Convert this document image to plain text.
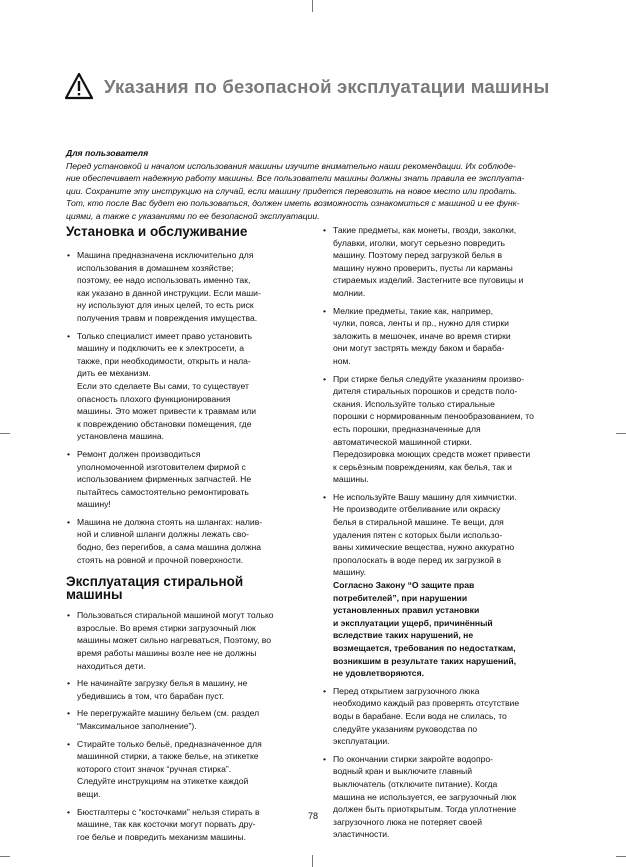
Указания по безопасной эксплуатации машины
Для пользователя
Перед установкой и началом использования машины изучите внимательно наши рекомендации. Их соблюде-
ние обеспечивает надежную работу машины. Все пользователи машины должны знать правила ее эксплуата-
ции. Сохраните эту инструкцию на случай, если машину придется перевозить на новое место или продать.
Тот, кто после Вас будет ею пользоваться, должен иметь возможность ознакомиться с машиной и ее функ-
циями, а также с указаниями по ее безопасной эксплуатации.
Установка и обслуживание
• Машина предназначена исключительно для
использования в домашнем хозяйстве;
поэтому, ее надо использовать именно так,
как указано в данной инструкции. Если маши-
ну используют для иных целей, то есть риск
получения травм и повреждения имущества.
• Только специалист имеет право установить
машину и подключить ее к электросети, а
также, при необходимости, открыть и нала-
дить ее механизм.
Если это сделаете Вы сами, то существует
опасность плохого функционирования
машины. Это может привести к травмам или
к повреждению обстановки помещения, где
установлена машина.
• Ремонт должен производиться
уполномоченной изготовителем фирмой с
использованием фирменных запчастей. Не
пытайтесь самостоятельно ремонтировать
машину!
• Машина не должна стоять на шлангах: налив-
ной и сливной шланги должны лежать сво-
бодно, без перегибов, а сама машина должна
стоять на ровной и прочной поверхности.
Эксплуатация стиральной
машины
• Пользоваться стиральной машиной могут только
взрослые. Во время стирки загрузочный люк
машины может сильно нагреваться, Поэтому, во
время работы машины возле нее не должны
находиться дети.
• Не начинайте загрузку белья в машину, не
убедившись в том, что барабан пуст.
• Не перегружайте машину бельем (см. раздел
“Максимальное заполнение”).
• Стирайте только бельё, предназначенное для
машинной стирки, а также белье, на этикетке
которого стоит значок “ручная стирка”.
Следуйте инструкциям на этикетке каждой
вещи.
• Бюстгалтеры с “косточками” нельзя стирать в
машине, так как косточки могут порвать дру-
гое белье и повредить механизм машины.
• Такие предметы, как монеты, гвозди, заколки,
булавки, иголки, могут серьезно повредить
машину. Поэтому перед загрузкой белья в
машину нужно проверить, пусты ли карманы
стираемых изделий. Застегните все пуговицы и
молнии.
• Мелкие предметы, такие как, например,
чулки, пояса, ленты и пр., нужно для стирки
заложить в мешочек, иначе во время стирки
они могут застрять между баком и бараба-
ном.
• При стирке белья следуйте указаниям произво-
дителя стиральных порошков и средств поло-
скания. Используйте только стиральные
порошки с нормированным пенообразованием, то
есть порошки, предназначенные для
автоматической машинной стирки.
Передозировка моющих средств может привести
к серьёзным повреждениям, как белья, так и
машины.
• Не используйте Вашу машину для химчистки.
Не производите отбеливание или окраску
белья в стиральной машине. Те вещи, для
удаления пятен с которых были использо-
ваны химические вещества, нужно аккуратно
прополоскать в воде перед их загрузкой в
машину.
Согласно Закону “О защите прав
потребителей”, при нарушении
установленных правил установки
и эксплуатации ущерб, причинённый
вследствие таких нарушений, не
возмещается, требования по недостаткам,
возникшим в результате таких нарушений,
не удовлетворяются.
• Перед открытием загрузочного люка
необходимо каждый раз проверять отсутствие
воды в барабане. Если вода не слилась, то
следуйте указаниям руководства по
эксплуатации.
• По окончании стирки закройте водопро-
водный кран и выключите главный
выключатель (отключите питание). Когда
машина не используется, ее загрузочный люк
должен быть приоткрытым. Тогда уплотнение
загрузочного люка не потеряет своей
эластичности.
78
